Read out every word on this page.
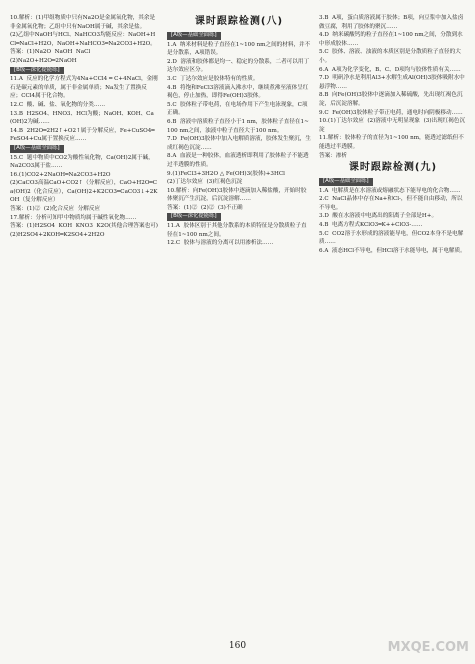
10.解析：(1)甲组物质中只有Na2O是金属氧化物，其余是非金属氧化物；乙组中只有NaOH属于碱，其余是盐。

(2)乙组中NaOH与HCl、NaHCO3均能反应：NaOH+HCl═NaCl+H2O，NaOH+NaHCO3═Na2CO3+H2O。

答案：(1)Na2O  NaOH  NaCl

(2)Na2O+H2O═2NaOH

[B级—深化提能练]

11.A  反应的化学方程式为4Na+CCl4 ═ C+4NaCl，金刚石是碳元素的单质，属于非金属单质；Na发生了置换反应；CCl4属于化合物。

12.C  酸、碱、盐、氧化物的分类……

13.B  H2SO4、HNO3、HCl为酸；NaOH、KOH、Ca(OH)2为碱……

14.B  2H2O═2H2↑+O2↑属于分解反应，Fe+CuSO4═FeSO4+Cu属于置换反应……

[A级—基础全面练]

15.C  题中物质中CO2为酸性氧化物，Ca(OH)2属于碱，Na2CO3属于盐……

16.(1)CO2+2NaOH═Na2CO3+H2O

(2)CaCO3高温CaO+CO2↑（分解反应），CaO+H2O═Ca(OH)2（化合反应），Ca(OH)2+K2CO3═CaCO3↓+2KOH（复分解反应）

答案：(1)②  (2)化合反应  分解反应

17.解析：分析可知甲中物质均属于碱性氧化物……

答案：(1)H2SO4  KOH  KNO3  K2O(其他合理答案也可)

(2)H2SO4+2KOH═K2SO4+2H2O

课时跟踪检测(八)
[A级—基础全面练]

1.A  纳米材料是粒子直径在1~100 nm之间的材料，并不是分散系，A项错误。

2.D  溶液和胶体都是均一、稳定的分散系，二者可以用丁达尔效应区分。

3.C  丁达尔效应是胶体特有的性质。

4.B  将饱和FeCl3溶液滴入沸水中，继续煮沸至液体呈红褐色，停止加热，即得Fe(OH)3胶体。

5.C  胶体粒子带电荷，在电场作用下产生电泳现象，C项正确。

6.B  溶液中溶质粒子直径小于1 nm，胶体粒子直径在1~100 nm之间，浊液中粒子直径大于100 nm。

7.D  Fe(OH)3胶体中加入电解质溶液，胶体发生聚沉，生成红褐色沉淀……

8.A  血液是一种胶体，血液透析即利用了胶体粒子不能透过半透膜的性质。

9.(1)FeCl3+3H2O △ Fe(OH)3(胶体)+3HCl

(2)丁达尔效应  (3)红褐色沉淀

10.解析：向Fe(OH)3胶体中逐滴加入稀盐酸，开始时胶体聚沉产生沉淀，后沉淀溶解……

答案：(1)②  (2)②  (3)不正确

[B级—深化提能练]

11.A  胶体区别于其他分散系的本质特征是分散质粒子直径在1~100 nm之间。

12.C  胶体与溶液的分离可以用渗析法……

3.B  A项，蛋白质溶液属于胶体；B项，向豆浆中加入盐卤做豆腐，利用了胶体的聚沉……

4.D  纳米碳酸钙的粒子直径在1~100 nm之间，分散到水中形成胶体……

5.C  胶体、溶液、浊液的本质区别是分散质粒子直径的大小。

6.A  A项为化学变化，B、C、D项均与胶体性质有关……

7.D  明矾净水是利用Al3+水解生成Al(OH)3胶体吸附水中悬浮物……

8.B  向Fe(OH)3胶体中逐滴加入稀硫酸，先出现红褐色沉淀，后沉淀溶解。

9.C  Fe(OH)3胶体粒子带正电荷，通电时向阴极移动……

10.(1)丁达尔效应  (2)溶液中无明显现象  (3)出现红褐色沉淀

11.解析：胶体粒子的直径为1~100 nm，能透过滤纸但不能透过半透膜。

答案：渗析

课时跟踪检测(九)
[A级—基础全面练]

1.A  电解质是在水溶液或熔融状态下能导电的化合物……

2.C  NaCl晶体中存在Na+和Cl-，但不能自由移动，所以不导电。

3.D  酸在水溶液中电离出的阳离子全部是H+。

4.B  电离方程式KClO3═K++ClO3-……

5.C  CO2溶于水形成的溶液能导电，但CO2本身不是电解质……

6.A  液态HCl不导电，但HCl溶于水能导电，属于电解质。

160	MXQE.COM
